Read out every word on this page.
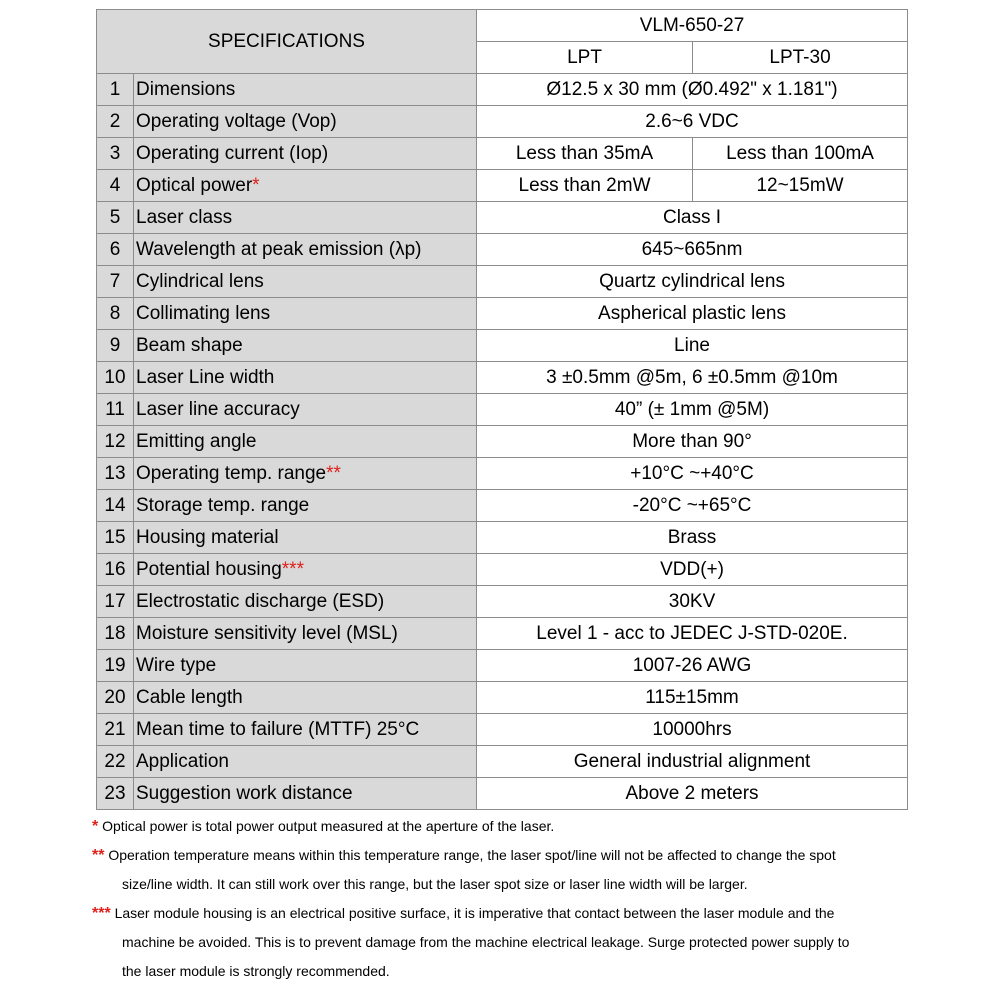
SPECIFICATIONS		VLM-650-27	
		LPT	LPT-30
1	Dimensions	Ø12.5 x 30 mm (Ø0.492" x 1.181")	
2	Operating voltage (Vop)	2.6~6 VDC	
3	Operating current (Iop)	Less than 35mA	Less than 100mA
4	Optical power*	Less than 2mW	12~15mW
5	Laser class	Class I	
6	Wavelength at peak emission (λp)	645~665nm	
7	Cylindrical lens	Quartz cylindrical lens	
8	Collimating lens	Aspherical plastic lens	
9	Beam shape	Line	
10	Laser Line width	3 ±0.5mm @5m, 6 ±0.5mm @10m	
11	Laser line accuracy	40” (± 1mm @5M)	
12	Emitting angle	More than 90°	
13	Operating temp. range**	+10°C ~+40°C	
14	Storage temp. range	-20°C ~+65°C	
15	Housing material	Brass	
16	Potential housing***	VDD(+)	
17	Electrostatic discharge (ESD)	30KV	
18	Moisture sensitivity level (MSL)	Level 1 - acc to JEDEC J-STD-020E.	
19	Wire type	1007-26 AWG	
20	Cable length	115±15mm	
21	Mean time to failure (MTTF) 25°C	10000hrs	
22	Application	General industrial alignment	
23	Suggestion work distance	Above 2 meters	
* Optical power is total power output measured at the aperture of the laser.
** Operation temperature means within this temperature range, the laser spot/line will not be affected to change the spot
size/line width. It can still work over this range, but the laser spot size or laser line width will be larger.
*** Laser module housing is an electrical positive surface, it is imperative that contact between the laser module and the
machine be avoided. This is to prevent damage from the machine electrical leakage. Surge protected power supply to
the laser module is strongly recommended.
